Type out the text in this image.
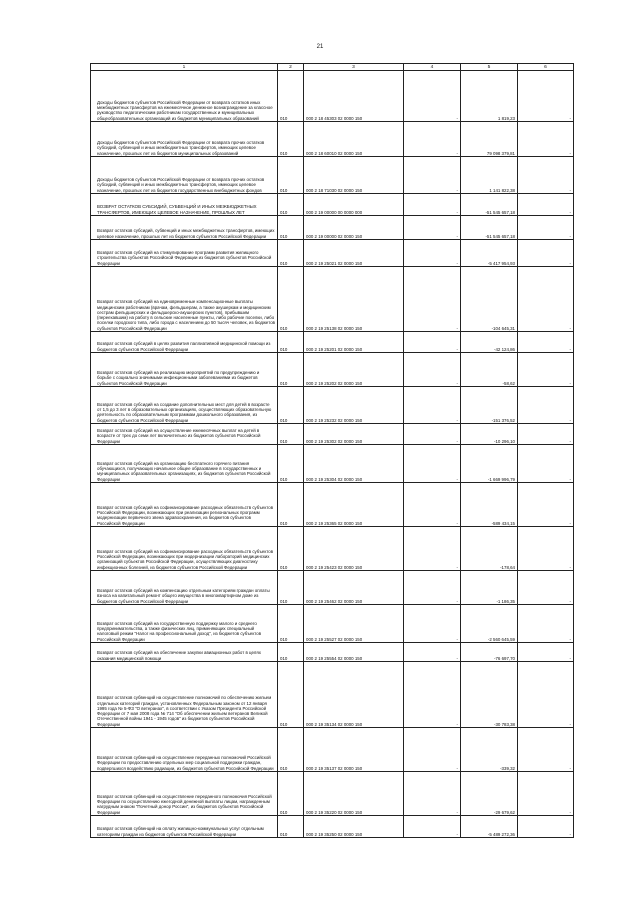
21
1	2	3	4	5	6

Доходы бюджетов субъектов Российской Федерации от возврата остатков иных межбюджетных трансфертов на ежемесячное денежное вознаграждение за классное руководство педагогическим работникам государственных и муниципальных общеобразовательных организаций из бюджетов муниципальных образований	010	000 2 18 45303 02 0000 150	-	1 819,23	-

Доходы бюджетов субъектов Российской Федерации от возврата прочих остатков субсидий, субвенций и иных межбюджетных трансфертов, имеющих целевое назначение, прошлых лет из бюджетов муниципальных образований	010	000 2 18 60010 02 0000 150	-	79 098 379,81	-

Доходы бюджетов субъектов Российской Федерации от возврата прочих остатков субсидий, субвенций и иных межбюджетных трансфертов, имеющих целевое назначение, прошлых лет из бюджетов государственных внебюджетных фондов	010	000 2 18 71030 02 0000 150	-	1 141 822,38	-

ВОЗВРАТ ОСТАТКОВ СУБСИДИЙ, СУБВЕНЦИЙ И ИНЫХ МЕЖБЮДЖЕТНЫХ ТРАНСФЕРТОВ, ИМЕЮЩИХ ЦЕЛЕВОЕ НАЗНАЧЕНИЕ, ПРОШЛЫХ ЛЕТ	010	000 2 19 00000 00 0000 000	-	-51 545 657,18	-

Возврат остатков субсидий, субвенций и иных межбюджетных трансфертов, имеющих целевое назначение, прошлых лет из бюджетов субъектов Российской Федерации	010	000 2 19 00000 02 0000 150	-	-51 545 657,18	-

Возврат остатков субсидий на стимулирование программ развития жилищного строительства субъектов Российской Федерации из бюджетов субъектов Российской Федерации	010	000 2 19 25021 02 0000 150	-	-5 417 954,93	-

Возврат остатков субсидий на единовременные компенсационные выплаты медицинским работникам (врачам, фельдшерам, а также акушеркам и медицинским сестрам фельдшерских и фельдшерско-акушерских пунктов), прибывшим (переехавшим) на работу в сельские населенные пункты, либо рабочие поселки, либо поселки городского типа, либо города с населением до 50 тысяч человек, из бюджетов субъектов Российской Федерации	010	000 2 19 25138 02 0000 150	-	-104 645,31	-

Возврат остатков субсидий в целях развития паллиативной медицинской помощи из бюджетов субъектов Российской Федерации	010	000 2 19 25201 02 0000 150	-	-42 124,86	-

Возврат остатков субсидий на реализацию мероприятий по предупреждению и борьбе с социально значимыми инфекционными заболеваниями из бюджетов субъектов Российской Федерации	010	000 2 19 25202 02 0000 150	-	-58,62	-

Возврат остатков субсидий на создание дополнительных мест для детей в возрасте от 1,5 до 3 лет в образовательных организациях, осуществляющих образовательную деятельность по образовательным программам дошкольного образования, из бюджетов субъектов Российской Федерации	010	000 2 19 25232 02 0000 150	-	-151 376,52	-

Возврат остатков субсидий на осуществление ежемесячных выплат на детей в возрасте от трех до семи лет включительно из бюджетов субъектов Российской Федерации	010	000 2 19 25302 02 0000 150	-	-10 296,10	-

Возврат остатков субсидий на организацию бесплатного горячего питания обучающихся, получающих начальное общее образование в государственных и муниципальных образовательных организациях, из бюджетов субъектов Российской Федерации	010	000 2 19 25304 02 0000 150	-	-1 669 996,79	-

Возврат остатков субсидий на софинансирование расходных обязательств субъектов Российской Федерации, возникающих при реализации региональных программ модернизации первичного звена здравоохранения, из бюджетов субъектов Российской Федерации	010	000 2 19 25365 02 0000 150	-	-589 434,15	-

Возврат остатков субсидий на софинансирование расходных обязательств субъектов Российской Федерации, возникающих при модернизации лабораторий медицинских организаций субъектов Российской Федерации, осуществляющих диагностику инфекционных болезней, из бюджетов субъектов Российской Федерации	010	000 2 19 25423 02 0000 150	-	-178,64	-

Возврат остатков субсидий на компенсацию отдельным категориям граждан оплаты взноса на капитальный ремонт общего имущества в многоквартирном доме из бюджетов субъектов Российской Федерации	010	000 2 19 25462 02 0000 150	-	-1 186,35	-

Возврат остатков субсидий на государственную поддержку малого и среднего предпринимательства, а также физических лиц, применяющих специальный налоговый режим "Налог на профессиональный доход", из бюджетов субъектов Российской Федерации	010	000 2 19 25527 02 0000 150	-	-2 560 645,59	-

Возврат остатков субсидий на обеспечение закупки авиационных работ в целях оказания медицинской помощи	010	000 2 19 25554 02 0000 150	-	-76 697,70	-

Возврат остатков субвенций на осуществление полномочий по обеспечению жильем отдельных категорий граждан, установленных Федеральным законом от 12 января 1995 года № 5-ФЗ "О ветеранах", в соответствии с Указом Президента Российской Федерации от 7 мая 2008 года № 714 "Об обеспечении жильем ветеранов Великой Отечественной войны 1941 - 1945 годов" из бюджетов субъектов Российской Федерации	010	000 2 19 35134 02 0000 150	-	-30 783,38	-

Возврат остатков субвенций на осуществление переданных полномочий Российской Федерации по предоставлению отдельных мер социальной поддержки граждан, подвергшихся воздействию радиации, из бюджетов субъектов Российской Федерации	010	000 2 19 35137 02 0000 150	-	-339,32	-

Возврат остатков субвенций на осуществление переданного полномочия Российской Федерации по осуществлению ежегодной денежной выплаты лицам, награжденным нагрудным знаком "Почетный донор России", из бюджетов субъектов Российской Федерации	010	000 2 19 35220 02 0000 150	-	-29 679,62	-

Возврат остатков субвенций на оплату жилищно-коммунальных услуг отдельным категориям граждан из бюджетов субъектов Российской Федерации	010	000 2 19 35250 02 0000 150	-	-5 489 272,36	-
